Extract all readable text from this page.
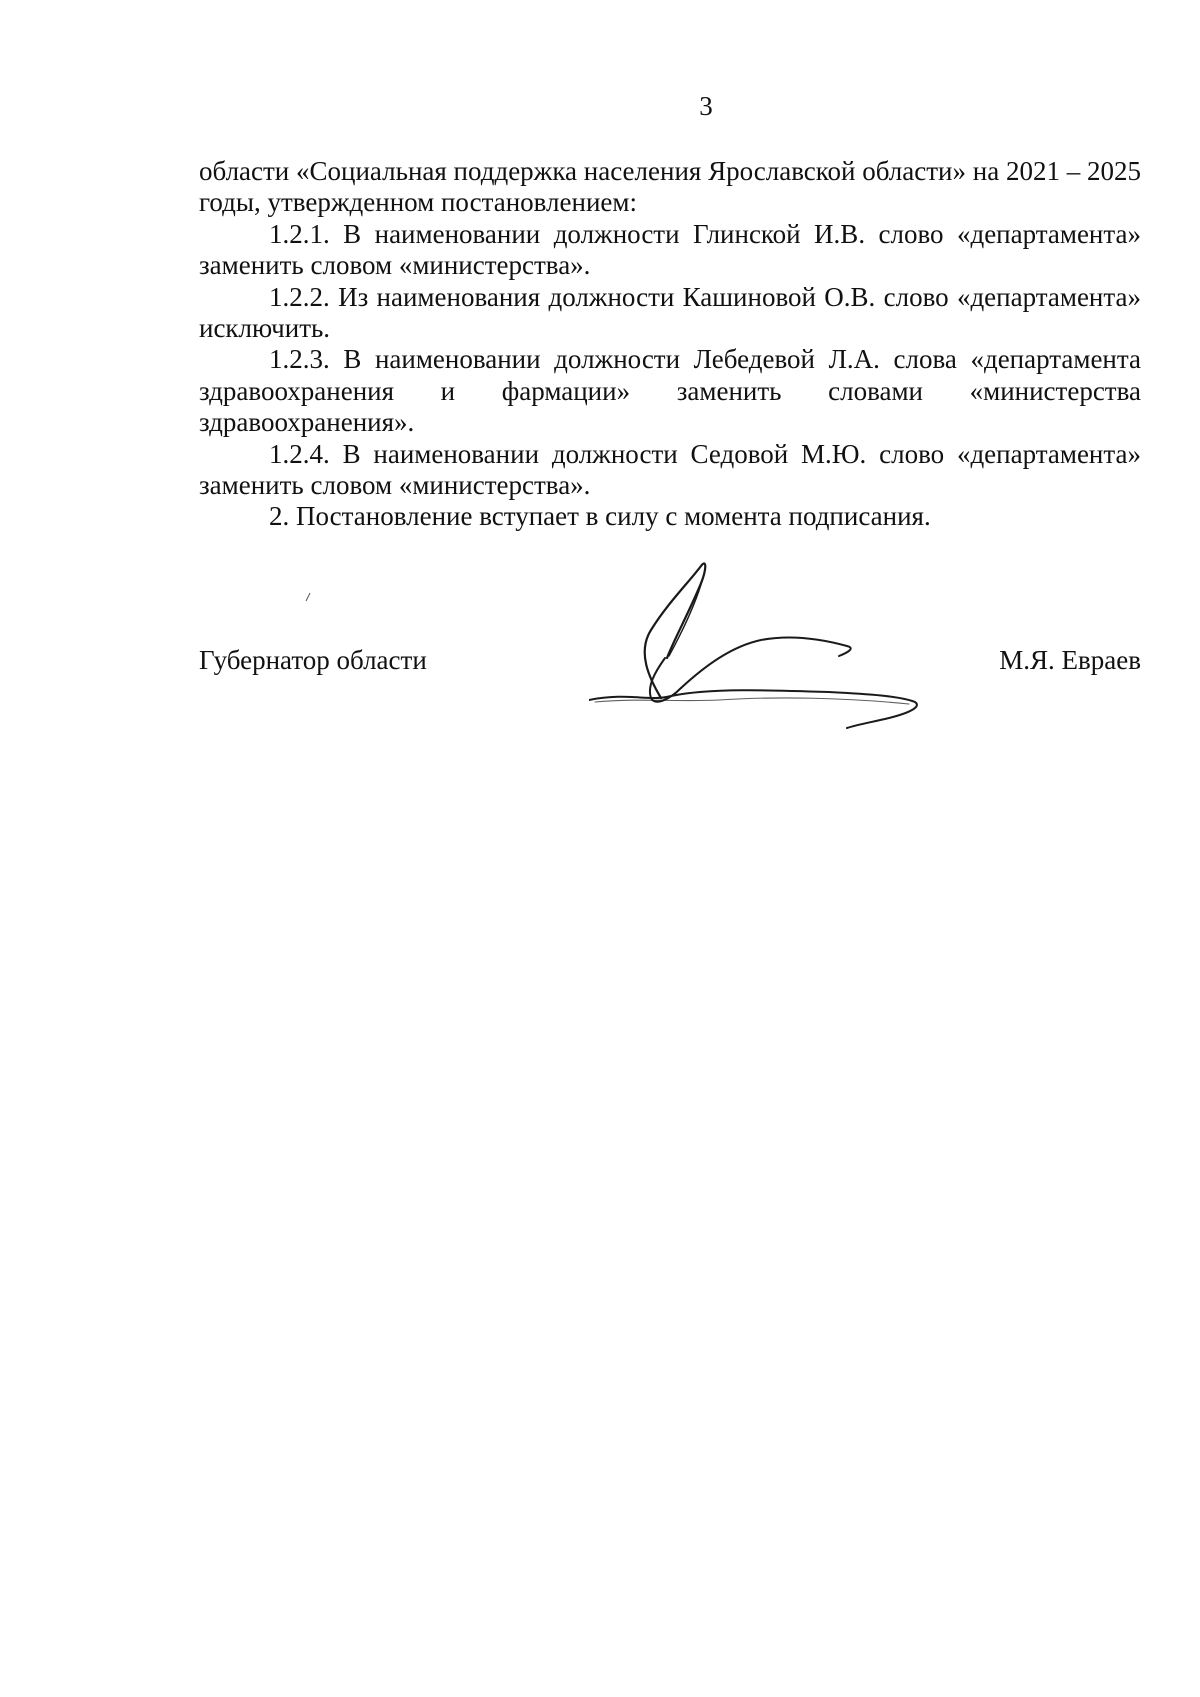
3

области «Социальная поддержка населения Ярославской области» на 2021 – 2025 годы, утвержденном постановлением:

1.2.1. В наименовании должности Глинской И.В. слово «департамента» заменить словом «министерства».

1.2.2. Из наименования должности Кашиновой О.В. слово «департамента» исключить.

1.2.3. В наименовании должности Лебедевой Л.А. слова «департамента здравоохранения и фармации» заменить словами «министерства здравоохранения».

1.2.4. В наименовании должности Седовой М.Ю. слово «департамента» заменить словом «министерства».

2. Постановление вступает в силу с момента подписания.

Губернатор области	М.Я. Евраев
